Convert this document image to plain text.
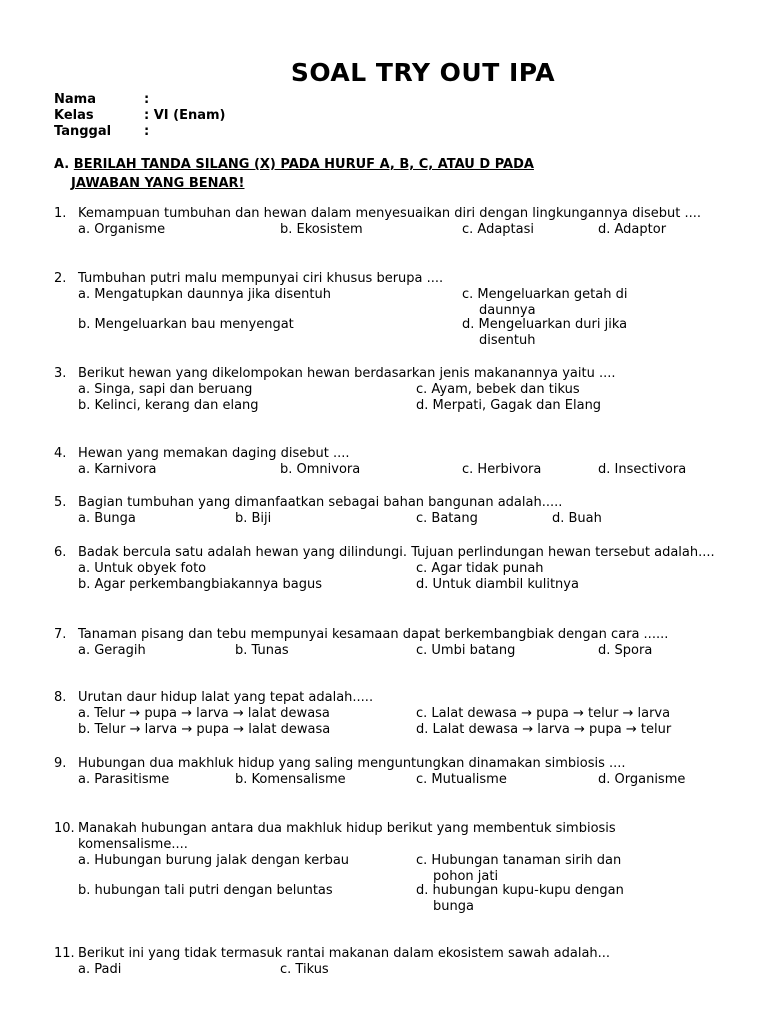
SOAL TRY OUT IPA
Nama	:
Kelas	: VI (Enam)
Tanggal	:
A. BERILAH TANDA SILANG (X) PADA HURUF A, B, C, ATAU D PADA
JAWABAN YANG BENAR!
1. Kemampuan tumbuhan dan hewan dalam menyesuaikan diri dengan lingkungannya disebut ....
a. Organisme	b. Ekosistem	c. Adaptasi	d. Adaptor
2. Tumbuhan putri malu mempunyai ciri khusus berupa ....
a. Mengatupkan daunnya jika disentuh	c. Mengeluarkan getah di
daunnya
b. Mengeluarkan bau menyengat	d. Mengeluarkan duri jika
disentuh
3. Berikut hewan yang dikelompokan hewan berdasarkan jenis makanannya yaitu ....
a. Singa, sapi dan beruang	c. Ayam, bebek dan tikus
b. Kelinci, kerang dan elang	d. Merpati, Gagak dan Elang
4. Hewan yang memakan daging disebut ....
a. Karnivora	b. Omnivora	c. Herbivora	d. Insectivora
5. Bagian tumbuhan yang dimanfaatkan sebagai bahan bangunan adalah.....
a. Bunga	b. Biji	c. Batang	d. Buah
6. Badak bercula satu adalah hewan yang dilindungi. Tujuan perlindungan hewan tersebut adalah....
a. Untuk obyek foto	c. Agar tidak punah
b. Agar perkembangbiakannya bagus	d. Untuk diambil kulitnya
7. Tanaman pisang dan tebu mempunyai kesamaan dapat berkembangbiak dengan cara ......
a. Geragih	b. Tunas	c. Umbi batang	d. Spora
8. Urutan daur hidup lalat yang tepat adalah.....
a. Telur → pupa → larva → lalat dewasa	c. Lalat dewasa → pupa → telur → larva
b. Telur → larva → pupa → lalat dewasa	d. Lalat dewasa → larva → pupa → telur
9. Hubungan dua makhluk hidup yang saling menguntungkan dinamakan simbiosis ....
a. Parasitisme	b. Komensalisme	c. Mutualisme	d. Organisme
10. Manakah hubungan antara dua makhluk hidup berikut yang membentuk simbiosis komensalisme....
a. Hubungan burung jalak dengan kerbau	c. Hubungan tanaman sirih dan
pohon jati
b. hubungan tali putri dengan beluntas	d. hubungan kupu-kupu dengan
bunga
11. Berikut ini yang tidak termasuk rantai makanan dalam ekosistem sawah adalah...
a. Padi	c. Tikus
